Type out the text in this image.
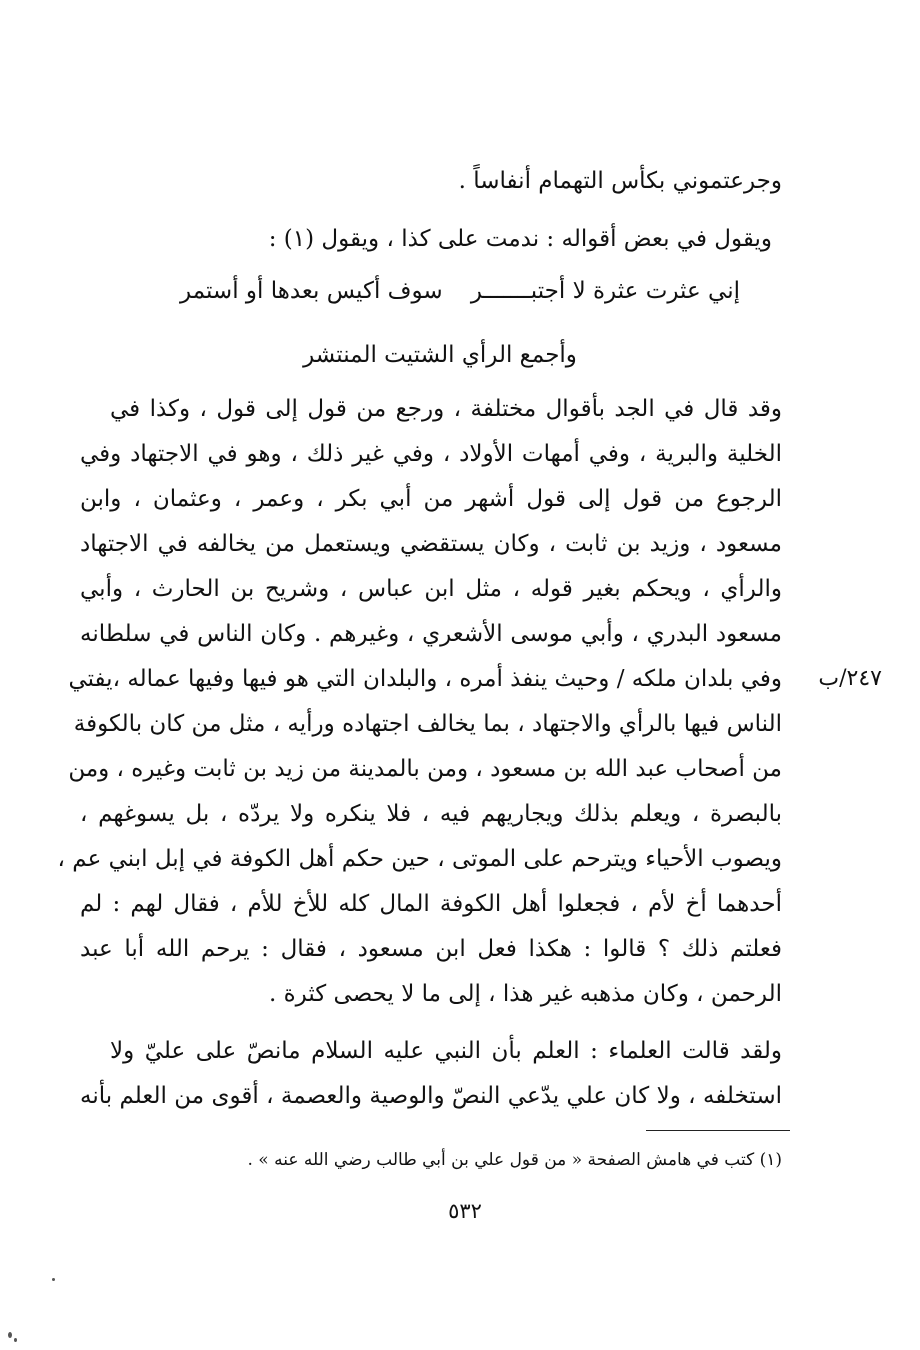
وجرعتموني بكأس التهمام أنفاساً .
ويقول في بعض أقواله : ندمت على كذا ، ويقول (١) :
إني عثرت عثرة لا أجتبـــــــر
سوف أكيس بعدها أو أستمر
وأجمع الرأي الشتيت المنتشر
وقد قال في الجد بأقوال مختلفة ، ورجع من قول إلى قول ، وكذا في
الخلية والبرية ، وفي أمهات الأولاد ، وفي غير ذلك ، وهو في الاجتهاد وفي
الرجوع من قول إلى قول أشهر من أبي بكر ، وعمر ، وعثمان ، وابن
مسعود ، وزيد بن ثابت ، وكان يستقضي ويستعمل من يخالفه في الاجتهاد
والرأي ، ويحكم بغير قوله ، مثل ابن عباس ، وشريح بن الحارث ، وأبي
مسعود البدري ، وأبي موسى الأشعري ، وغيرهم . وكان الناس في سلطانه
وفي بلدان ملكه / وحيث ينفذ أمره ، والبلدان التي هو فيها وفيها عماله ،يفتي
الناس فيها بالرأي والاجتهاد ، بما يخالف اجتهاده ورأيه ، مثل من كان بالكوفة
من أصحاب عبد الله بن مسعود ، ومن بالمدينة من زيد بن ثابت وغيره ، ومن
بالبصرة ، ويعلم بذلك ويجاريهم فيه ، فلا ينكره ولا يردّه ، بل يسوغهم ،
ويصوب الأحياء ويترحم على الموتى ، حين حكم أهل الكوفة في إبل ابني عم ،
أحدهما أخ لأم ، فجعلوا أهل الكوفة المال كله للأخ للأم ، فقال لهم : لم
فعلتم ذلك ؟ قالوا : هكذا فعل ابن مسعود ، فقال : يرحم الله أبا عبد
الرحمن ، وكان مذهبه غير هذا ، إلى ما لا يحصى كثرة .
٢٤٧/ب
ولقد قالت العلماء : العلم بأن النبي عليه السلام مانصّ على عليّ ولا
استخلفه ، ولا كان علي يدّعي النصّ والوصية والعصمة ، أقوى من العلم بأنه
(١) كتب في هامش الصفحة « من قول علي بن أبي طالب رضي الله عنه » .
٥٣٢
